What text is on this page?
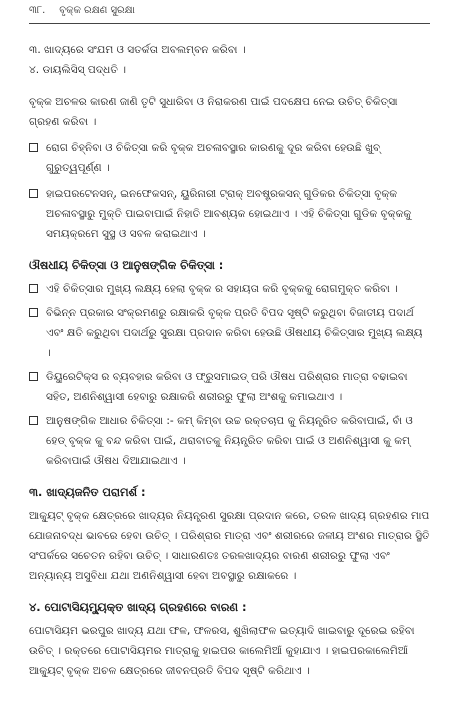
୩୮. ବୃକ୍କ ରକ୍ଷଣ ସୁରକ୍ଷା

୩. ଖାଦ୍ୟରେ ସଂଯମ ଓ ସତର୍କତା ଅବଲମ୍ବନ କରିବା ।

୪. ଡାୟଲିସିସ୍ ପଦ୍ଧତି ।

ବୃକ୍କ ଅଚଳର କାରଣ ଜାଣି ତୃଟି ସୁଧାରିବା ଓ ନିରାକରଣ ପାଇଁ ପଦକ୍ଷେପ ନେଇ ଉଚିତ୍ ଚିକିତ୍ସା ଗ୍ରହଣ କରିବା ।

ରୋଗ ଚିହ୍ନିବା ଓ ଚିକିତ୍ସା କରି ବୃକ୍କ ଅଚଳାବସ୍ଥାର କାରଣକୁ ଦୂର କରିବା ହେଉଛି ଖୁବ୍ ଗୁରୁତ୍ୱପୂର୍ଣ୍ଣ ।

ହାଇପରଟେନସନ୍, ଇନଫେକସନ୍, ୟୁରିନାରୀ ଟ୍ରାକ୍ ଅବଷ୍ଟ୍ରକସନ୍ ଗୁଡିକର ଚିକିତ୍ସା ବୃକ୍କ ଅଚଳାବସ୍ଥାରୁ ମୁକ୍ତି ପାଇବାପାଇଁ ନିହାତି ଆବଶ୍ୟକ ହୋଇଥାଏ । ଏହି ଚିକିତ୍ସା ଗୁଡିକ ବୃକ୍କକୁ ସମୟକ୍ରମେ ସୁସ୍ଥ ଓ ସବଳ କରାଇଥାଏ ।

ଔଷଧୀୟ ଚିକିତ୍ସା ଓ ଆନୁଷଙ୍ଗିକ ଚିକିତ୍ସା :

ଏହି ଚିକିତ୍ସାର ମୁଖ୍ୟ ଲକ୍ଷ୍ୟ ହେଲା ବୃକ୍କ ର ସହାୟତା କରି ବୃକ୍କକୁ ରୋଗମୁକ୍ତ କରିବା ।

ବିଭିନ୍ନ ପ୍ରକାର ସଂକ୍ରମଣରୁ ରକ୍ଷାକରି ବୃକ୍କ ପ୍ରତି ବିପଦ ସୃଷ୍ଟି କରୁଥିବା ବିଜାତୀୟ ପଦାର୍ଥ ଏବଂ କ୍ଷତି କରୁଥିବା ପଦାର୍ଥରୁ ସୁରକ୍ଷା ପ୍ରଦାନ କରିବା ହେଉଛି ଔଷଧୀୟ ଚିକିତ୍ସାର ମୁଖ୍ୟ ଲକ୍ଷ୍ୟ ।

ଡିୟୁରେଟିକ୍ସ ର ବ୍ୟବହାର କରିବା ଓ ଫ୍ରୁସମାଇଡ୍ ପରି ଔଷଧ ପରିଶ୍ରାର ମାତ୍ରା ବଢାଇବା ସହିତ, ଅଣନିଶ୍ୱାସୀ ହେବାରୁ ରକ୍ଷାକରି ଶରୀରରୁ ଫୁଲା ଅଂଶକୁ କମାଇଥାଏ ।

ଆନୁଷଙ୍ଗିକ ଆଧାର ଚିକିତ୍ସା :- କମ୍ କିମ୍ବା ଉଚ୍ଚ ରକ୍ତଚାପ କୁ ନିୟନ୍ତ୍ରିତ କରିବାପାଇଁ, ବାଁ ଓ ହେଡ୍ ବୃକ୍କ କୁ ବନ୍ଦ କରିବା ପାଇଁ, ଥରାବାତକୁ ନିୟନ୍ତ୍ରିତ କରିବା ପାଇଁ ଓ ଅଣନିଶ୍ୱାସୀ କୁ କମ୍ କରିବାପାଇଁ ଔଷଧ ଦିଆଯାଇଥାଏ ।

୩. ଖାଦ୍ୟଜନିତ ପରାମର୍ଶ :

ଆକ୍ୟୁଟ୍ ବୃକ୍କ କ୍ଷେତ୍ରରେ ଖାଦ୍ୟର ନିୟନ୍ତ୍ରଣ ସୁରକ୍ଷା ପ୍ରଦାନ କରେ, ତରଳ ଖାଦ୍ୟ ଗ୍ରହଣର ମାପ ଯୋଜନାବଦ୍ଧ ଭାବରେ ହେବା ଉଚିତ୍ । ପରିଶ୍ରାର ମାତ୍ରା ଏବଂ ଶରୀରରେ ଜଳୀୟ ଅଂଶର ମାତ୍ରାର ସ୍ଥିତି ସଂପର୍କରେ ସଚେତନ ରହିବା ଉଚିତ୍ । ସାଧାରଣତଃ ତରଳଖାଦ୍ୟର ବାରଣ ଶରୀରରୁ ଫୁଲା ଏବଂ ଅନ୍ୟାନ୍ୟ ଅସୁବିଧା ଯଥା ଅଣନିଶ୍ୱାସୀ ହେବା ଅବସ୍ଥାରୁ ରକ୍ଷାକରେ ।

୪. ପୋଟାସିୟମ୍ୟୁକ୍ତ ଖାଦ୍ୟ ଗ୍ରହଣରେ ବାରଣ :

ପୋଟାସିୟମ ଭରପୁର ଖାଦ୍ୟ ଯଥା ଫଳ, ଫଳରସ, ଶୁଖିଲାଫଳ ଇତ୍ୟାଦି ଖାଇବାରୁ ଦୂରେଇ ରହିବା ଉଚିତ୍ । ରକ୍ତରେ ପୋଟାସିୟମର ମାତ୍ରାକୁ ହାଇପର କାଲେମିଆଁ କୁହାଯାଏ । ହାଇପରକାଲେମିଆଁ ଆକ୍ୟୁଟ୍ ବୃକ୍କ ଅଚଳ କ୍ଷେତ୍ରରେ ଜୀବନପ୍ରତି ବିପଦ ସୃଷ୍ଟି କରିଥାଏ ।
